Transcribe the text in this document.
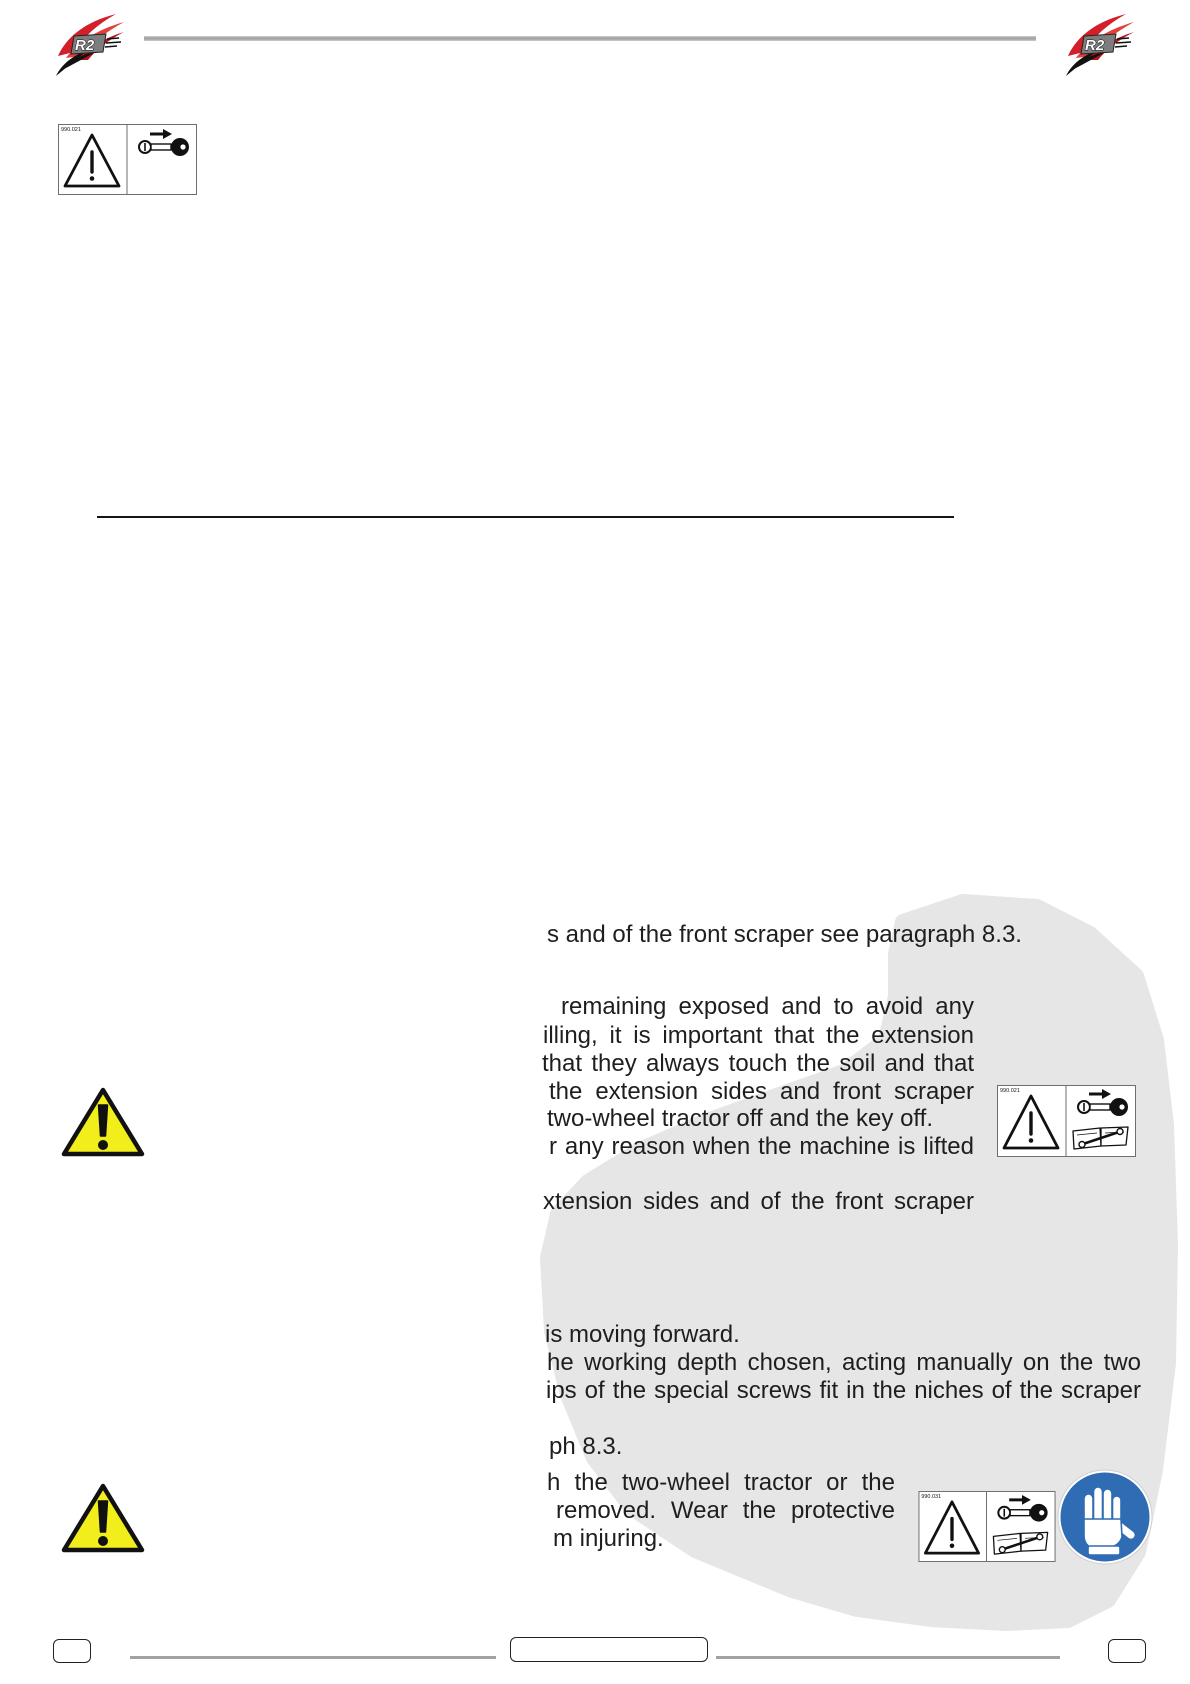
R2	R2
990.021
s and of the front scraper see paragraph 8.3.
remaining exposed and to avoid any
illing, it is important that the extension
that they always touch the soil and that
the extension sides and front scraper
two-wheel tractor off and the key off.
r any reason when the machine is lifted
990.021
xtension sides and of the front scraper
is moving forward.
he working depth chosen, acting manually on the two
ips of the special screws fit in the niches of the scraper
ph 8.3.
h the two-wheel tractor or the
removed. Wear the protective
m injuring.
990.031
